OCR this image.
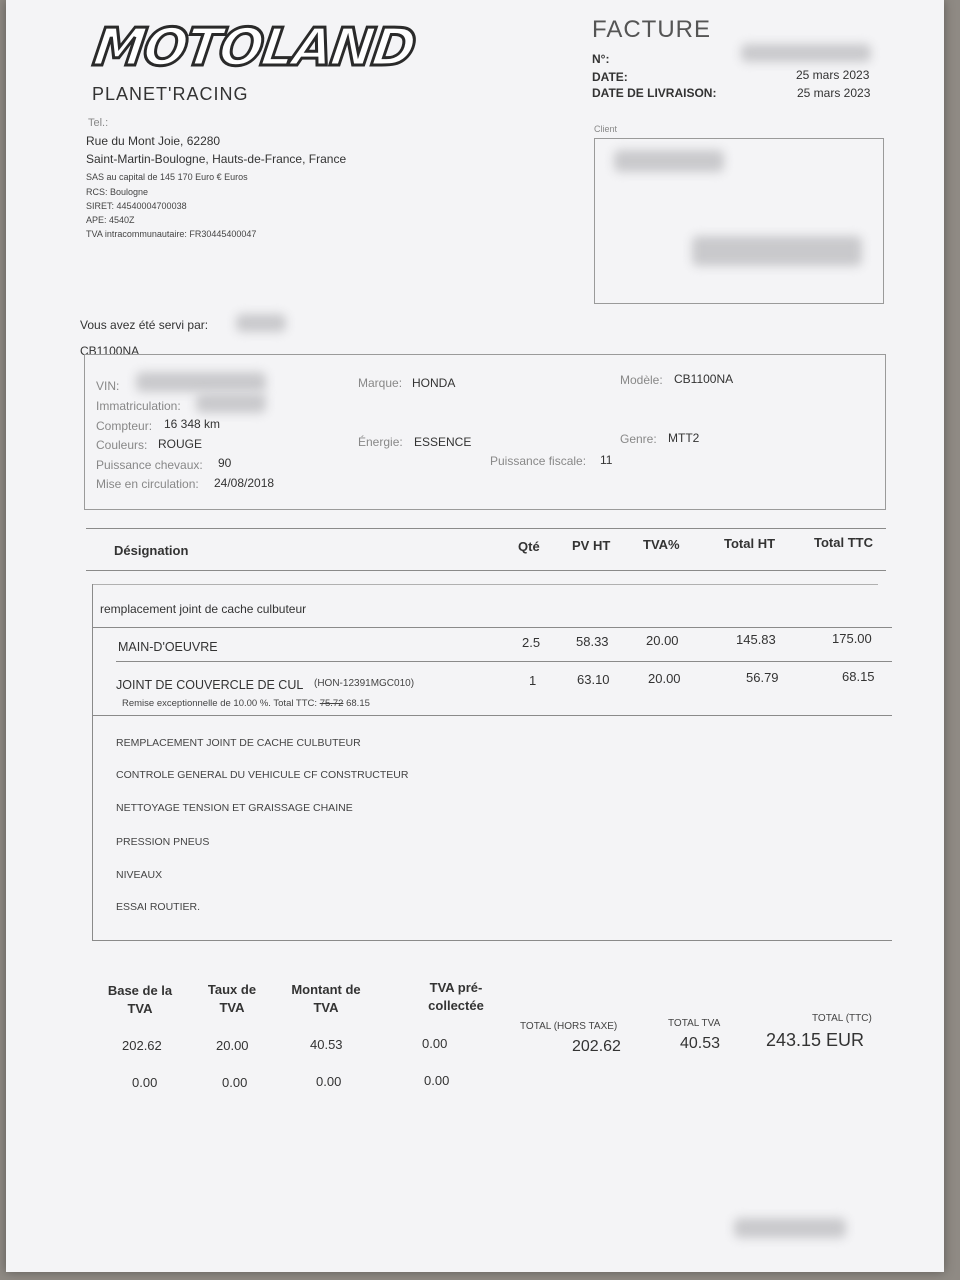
MOTOLAND
PLANET'RACING
Tel.:
Rue du Mont Joie, 62280
Saint-Martin-Boulogne, Hauts-de-France, France
SAS au capital de 145 170 Euro € Euros
RCS: Boulogne
SIRET: 44540004700038
APE: 4540Z
TVA intracommunautaire: FR30445400047
FACTURE
N°:
DATE:	25 mars 2023
DATE DE LIVRAISON:	25 mars 2023
Client
Vous avez été servi par:
CB1100NA
VIN:
Immatriculation:
Compteur: 16 348 km
Couleurs: ROUGE
Puissance chevaux: 90
Mise en circulation: 24/08/2018
Marque: HONDA
Énergie: ESSENCE
Puissance fiscale: 11
Modèle: CB1100NA
Genre: MTT2
Désignation	Qté PV HT	TVA%	Total HT	Total TTC
remplacement joint de cache culbuteur
MAIN-D'OEUVRE	2.5	58.33	20.00	145.83	175.00
JOINT DE COUVERCLE DE CUL (HON-12391MGC010)	1	63.10	20.00	56.79	68.15
Remise exceptionnelle de 10.00 %. Total TTC: 75.72 68.15
REMPLACEMENT JOINT DE CACHE CULBUTEUR
CONTROLE GENERAL DU VEHICULE CF CONSTRUCTEUR
NETTOYAGE TENSION ET GRAISSAGE CHAINE
PRESSION PNEUS
NIVEAUX
ESSAI ROUTIER.
Base de la TVA
Taux de TVA
Montant de TVA
TVA pré-collectée
202.62	20.00	40.53	0.00
0.00	0.00	0.00	0.00
TOTAL (HORS TAXE)
202.62
TOTAL TVA
40.53
TOTAL (TTC)
243.15 EUR
